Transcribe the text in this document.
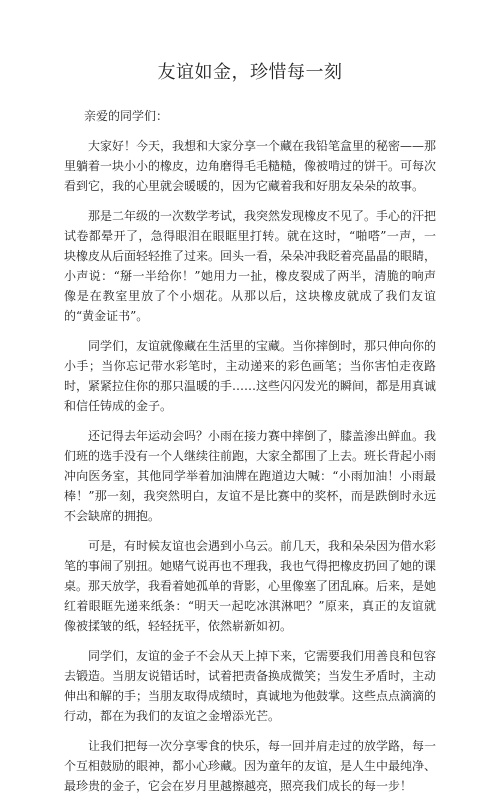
友谊如金，珍惜每一刻

亲爱的同学们：

大家好！今天，我想和大家分享一个藏在我铅笔盒里的秘密——那里躺着一块小小的橡皮，边角磨得毛毛糙糙，像被啃过的饼干。可每次看到它，我的心里就会暖暖的，因为它藏着我和好朋友朵朵的故事。

那是二年级的一次数学考试，我突然发现橡皮不见了。手心的汗把试卷都晕开了，急得眼泪在眼眶里打转。就在这时，“啪嗒”一声，一块橡皮从后面轻轻推了过来。回头一看，朵朵冲我眨着亮晶晶的眼睛，小声说：“掰一半给你！”她用力一扯，橡皮裂成了两半，清脆的响声像是在教室里放了个小烟花。从那以后，这块橡皮就成了我们友谊的“黄金证书”。

同学们，友谊就像藏在生活里的宝藏。当你摔倒时，那只伸向你的小手；当你忘记带水彩笔时，主动递来的彩色画笔；当你害怕走夜路时，紧紧拉住你的那只温暖的手……这些闪闪发光的瞬间，都是用真诚和信任铸成的金子。

还记得去年运动会吗？小雨在接力赛中摔倒了，膝盖渗出鲜血。我们班的选手没有一个人继续往前跑，大家全都围了上去。班长背起小雨冲向医务室，其他同学举着加油牌在跑道边大喊：“小雨加油！小雨最棒！”那一刻，我突然明白，友谊不是比赛中的奖杯，而是跌倒时永远不会缺席的拥抱。

可是，有时候友谊也会遇到小乌云。前几天，我和朵朵因为借水彩笔的事闹了别扭。她赌气说再也不理我，我也气得把橡皮扔回了她的课桌。那天放学，我看着她孤单的背影，心里像塞了团乱麻。后来，是她红着眼眶先递来纸条：“明天一起吃冰淇淋吧？”原来，真正的友谊就像被揉皱的纸，轻轻抚平，依然崭新如初。

同学们，友谊的金子不会从天上掉下来，它需要我们用善良和包容去锻造。当朋友说错话时，试着把责备换成微笑；当发生矛盾时，主动伸出和解的手；当朋友取得成绩时，真诚地为他鼓掌。这些点点滴滴的行动，都在为我们的友谊之金增添光芒。

让我们把每一次分享零食的快乐，每一回并肩走过的放学路，每一个互相鼓励的眼神，都小心珍藏。因为童年的友谊，是人生中最纯净、最珍贵的金子，它会在岁月里越擦越亮，照亮我们成长的每一步！
